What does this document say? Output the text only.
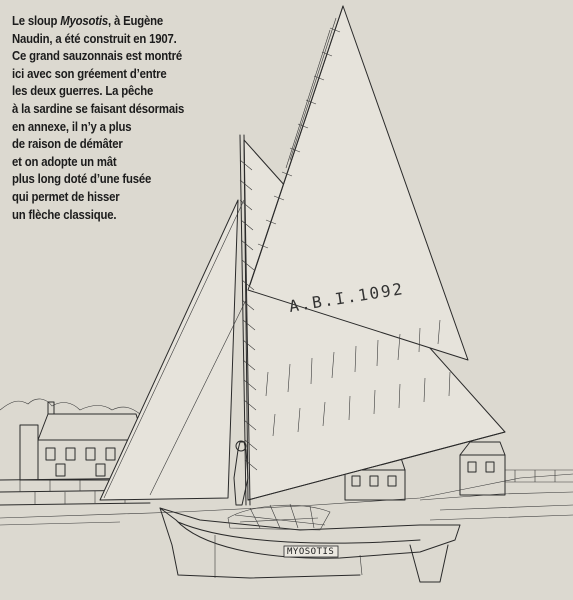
A.B.I.1092
MYOSOTIS
Le sloup Myosotis, à Eugène
Naudin, a été construit en 1907.
Ce grand sauzonnais est montré
ici avec son gréement d’entre
les deux guerres. La pêche
à la sardine se faisant désormais
en annexe, il n’y a plus
de raison de démâter
et on adopte un mât
plus long doté d’une fusée
qui permet de hisser
un flèche classique.
